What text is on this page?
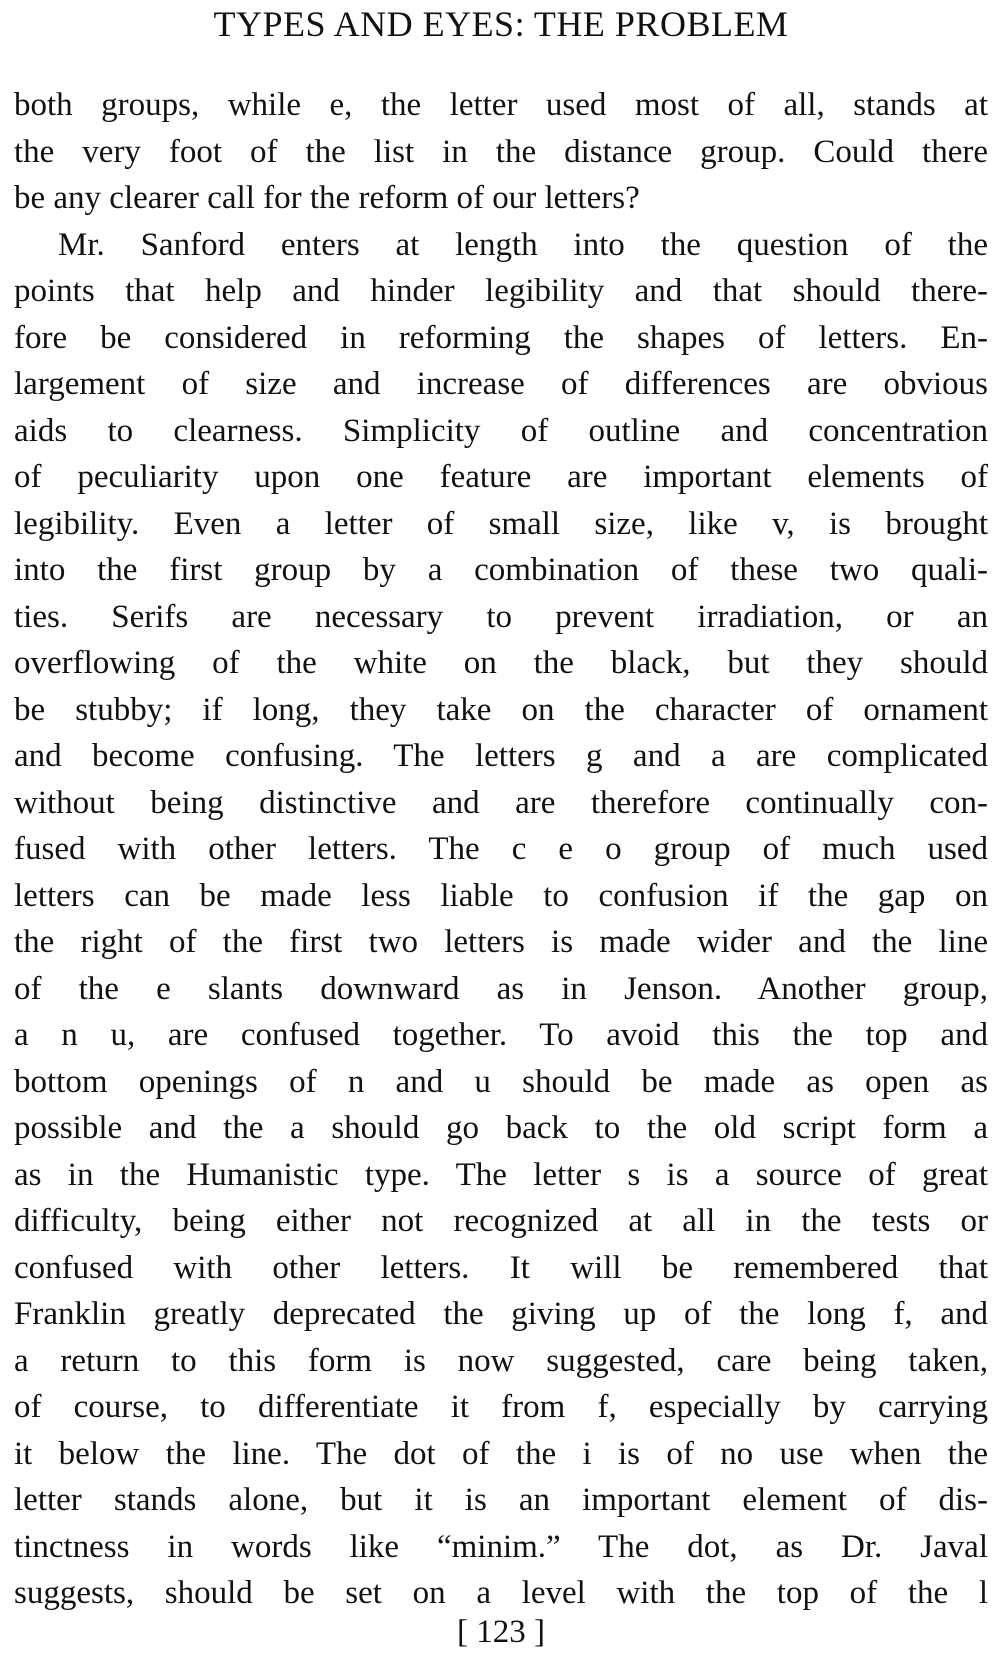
TYPES AND EYES: THE PROBLEM
both groups, while e, the letter used most of all, stands at
the very foot of the list in the distance group. Could there
be any clearer call for the reform of our letters?
Mr. Sanford enters at length into the question of the
points that help and hinder legibility and that should there-
fore be considered in reforming the shapes of letters. En-
largement of size and increase of differences are obvious
aids to clearness. Simplicity of outline and concentration
of peculiarity upon one feature are important elements of
legibility. Even a letter of small size, like v, is brought
into the first group by a combination of these two quali-
ties. Serifs are necessary to prevent irradiation, or an
overflowing of the white on the black, but they should
be stubby; if long, they take on the character of ornament
and become confusing. The letters g and a are complicated
without being distinctive and are therefore continually con-
fused with other letters. The c e o group of much used
letters can be made less liable to confusion if the gap on
the right of the first two letters is made wider and the line
of the e slants downward as in Jenson. Another group,
a n u, are confused together. To avoid this the top and
bottom openings of n and u should be made as open as
possible and the a should go back to the old script form a
as in the Humanistic type. The letter s is a source of great
difficulty, being either not recognized at all in the tests or
confused with other letters. It will be remembered that
Franklin greatly deprecated the giving up of the long f, and
a return to this form is now suggested, care being taken,
of course, to differentiate it from f, especially by carrying
it below the line. The dot of the i is of no use when the
letter stands alone, but it is an important element of dis-
tinctness in words like “minim.” The dot, as Dr. Javal
suggests, should be set on a level with the top of the l
[ 123 ]
